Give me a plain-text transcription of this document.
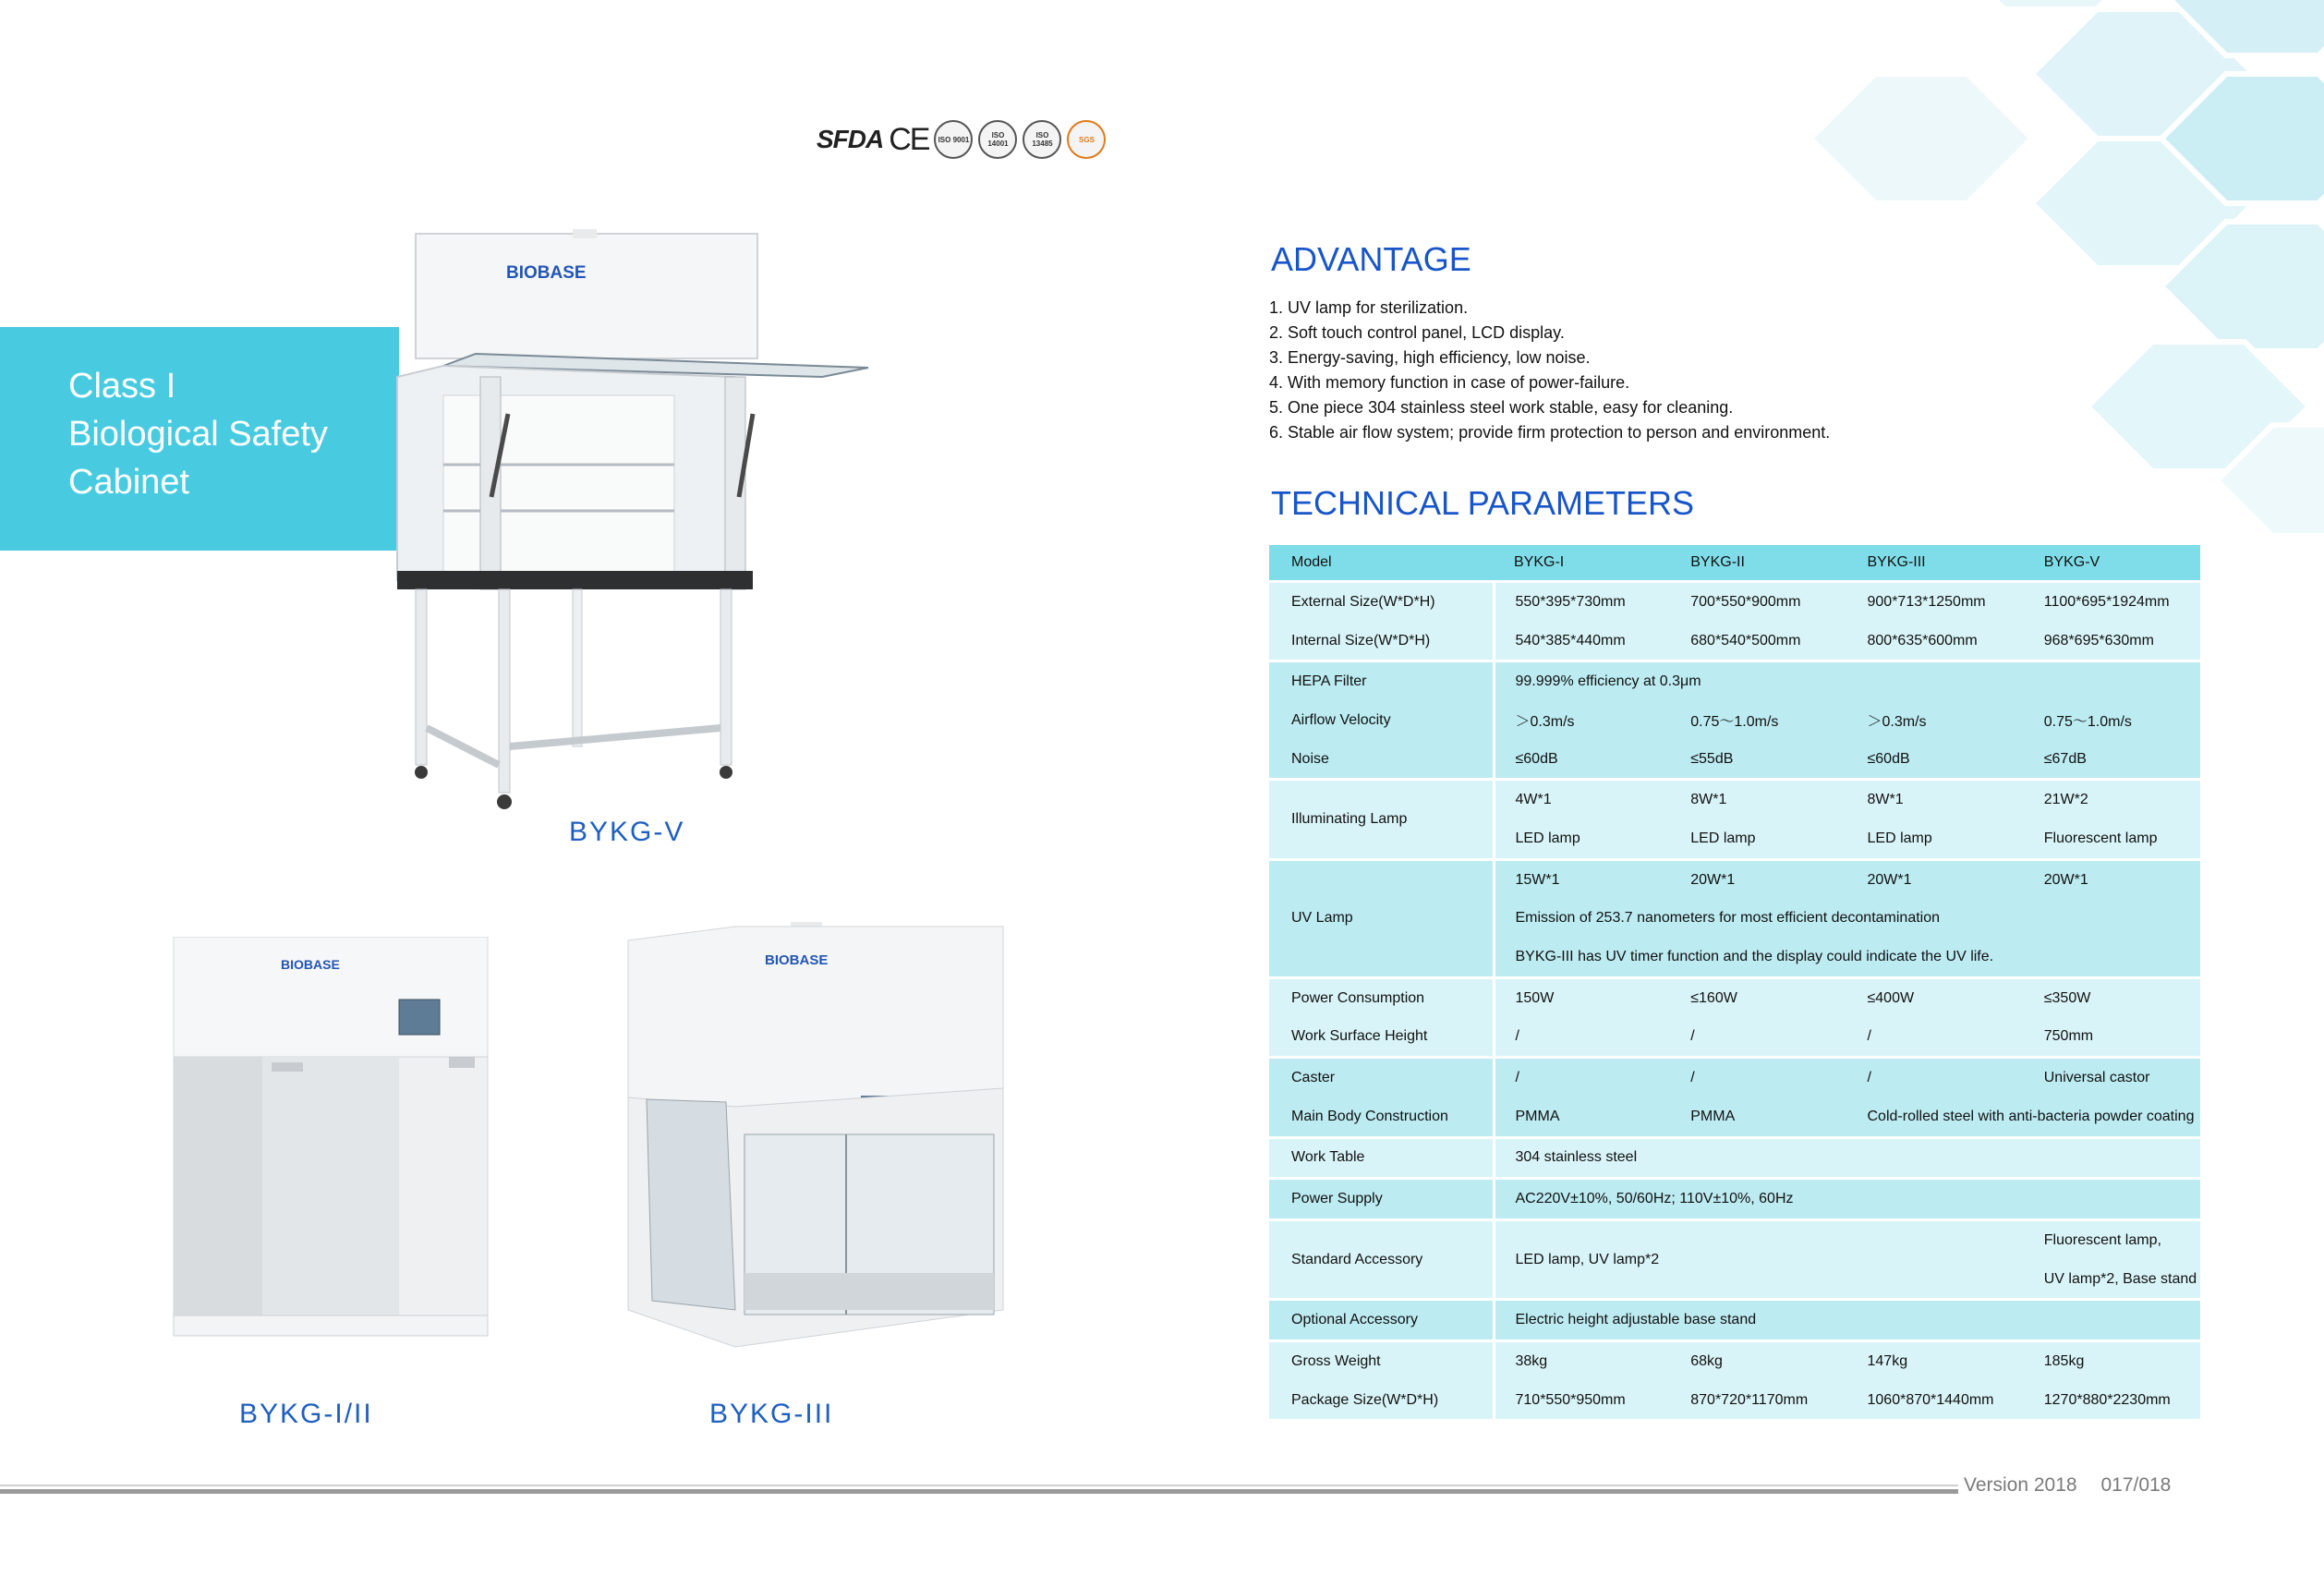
SFDA CE	ISO 9001	ISO 14001
ISO 13485	SGS
Class I
Biological Safety
Cabinet
BIOBASE
BYKG-V
BIOBASE
BYKG-I/II
BIOBASE
BYKG-III
ADVANTAGE
1. UV lamp for sterilization.
2. Soft touch control panel, LCD display.
3. Energy-saving, high efficiency, low noise.
4. With memory function in case of power-failure.
5. One piece 304 stainless steel work stable, easy for cleaning.
6. Stable air flow system; provide firm protection to person and environment.
TECHNICAL PARAMETERS
Model	BYKG-I	BYKG-II	BYKG-III	BYKG-V
External Size(W*D*H)	550*395*730mm	700*550*900mm	900*713*1250mm	1100*695*1924mm
Internal Size(W*D*H)	540*385*440mm	680*540*500mm	800*635*600mm	968*695*630mm
HEPA Filter	99.999% efficiency at 0.3μm			
Airflow Velocity	＞0.3m/s	0.75～1.0m/s	＞0.3m/s	0.75～1.0m/s
Noise	≤60dB	≤55dB	≤60dB	≤67dB
Illuminating Lamp	4W*1	8W*1	8W*1	21W*2
	LED lamp	LED lamp	LED lamp	Fluorescent lamp
UV Lamp	15W*1	20W*1	20W*1	20W*1
	Emission of 253.7 nanometers for most efficient decontamination			
	BYKG-III has UV timer function and the display could indicate the UV life.			
Power Consumption	150W	≤160W	≤400W	≤350W
Work Surface Height	/	/	/	750mm
Caster	/	/	/	Universal castor
Main Body Construction	PMMA	PMMA	Cold-rolled steel with anti-bacteria powder coating	
Work Table	304 stainless steel			
Power Supply	AC220V±10%, 50/60Hz; 110V±10%, 60Hz			
Standard Accessory	LED lamp, UV lamp*2			Fluorescent lamp,
				UV lamp*2, Base stand
Optional Accessory	Electric height adjustable base stand			
Gross Weight	38kg	68kg	147kg	185kg
Package Size(W*D*H)	710*550*950mm	870*720*1170mm	1060*870*1440mm	1270*880*2230mm
Version 2018 017/018
